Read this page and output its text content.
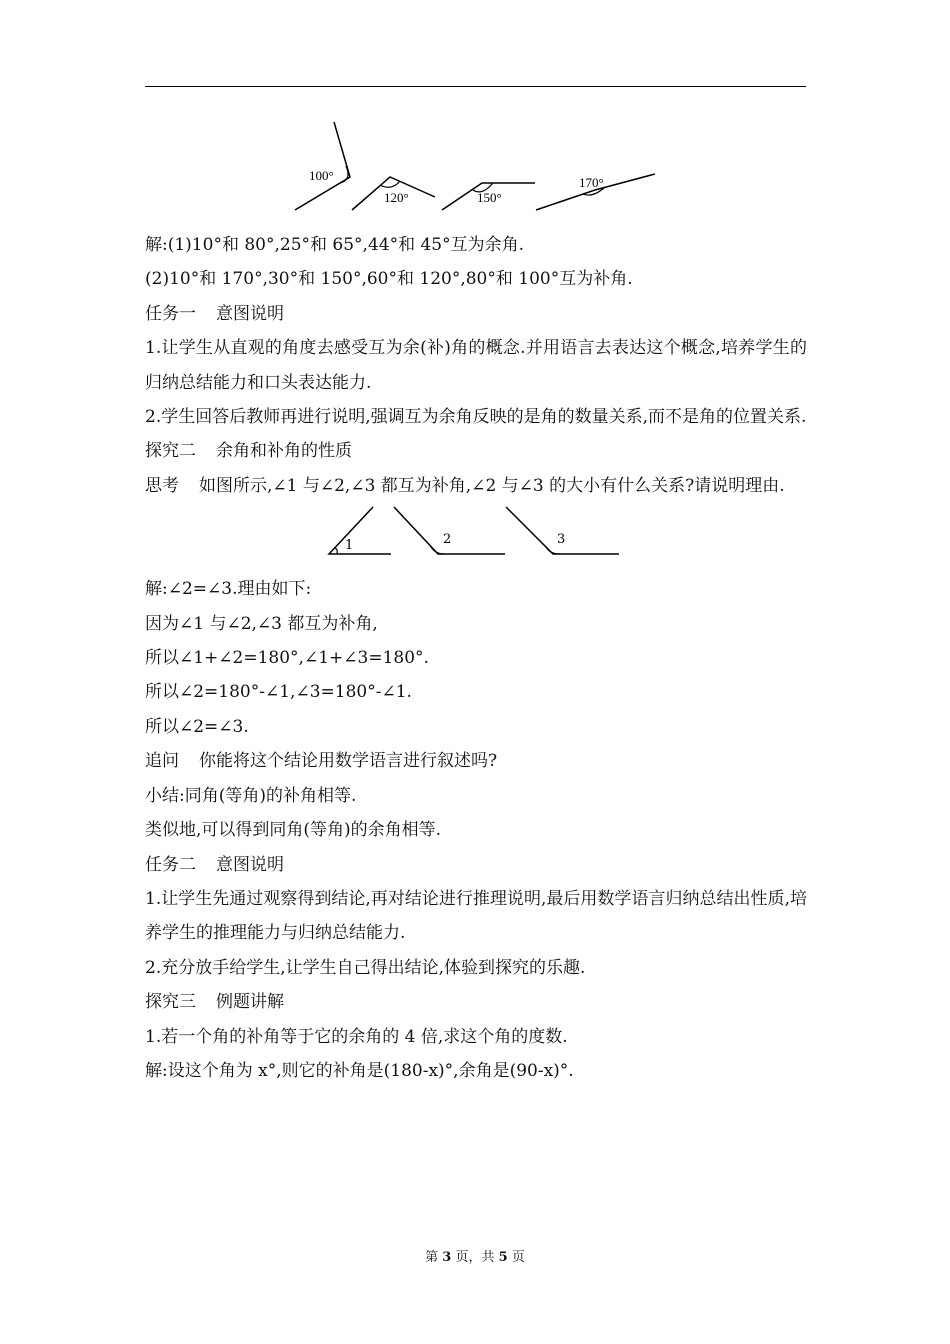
100°
120°	150°
170°
解:(1)10°和 80°,25°和 65°,44°和 45°互为余角.
(2)10°和 170°,30°和 150°,60°和 120°,80°和 100°互为补角.
任务一 意图说明
1.让学生从直观的角度去感受互为余(补)角的概念.并用语言去表达这个概念,培养学生的归纳总结能力和口头表达能力.
2.学生回答后教师再进行说明,强调互为余角反映的是角的数量关系,而不是角的位置关系.
探究二 余角和补角的性质
思考 如图所示,∠1 与∠2,∠3 都互为补角,∠2 与∠3 的大小有什么关系?请说明理由.
1	2	3
解:∠2=∠3.理由如下:
因为∠1 与∠2,∠3 都互为补角,
所以∠1+∠2=180°,∠1+∠3=180°.
所以∠2=180°-∠1,∠3=180°-∠1.
所以∠2=∠3.
追问 你能将这个结论用数学语言进行叙述吗?
小结:同角(等角)的补角相等.
类似地,可以得到同角(等角)的余角相等.
任务二 意图说明
1.让学生先通过观察得到结论,再对结论进行推理说明,最后用数学语言归纳总结出性质,培养学生的推理能力与归纳总结能力.
2.充分放手给学生,让学生自己得出结论,体验到探究的乐趣.
探究三 例题讲解
1.若一个角的补角等于它的余角的 4 倍,求这个角的度数.
解:设这个角为 x°,则它的补角是(180-x)°,余角是(90-x)°.
第 3 页，共 5 页
